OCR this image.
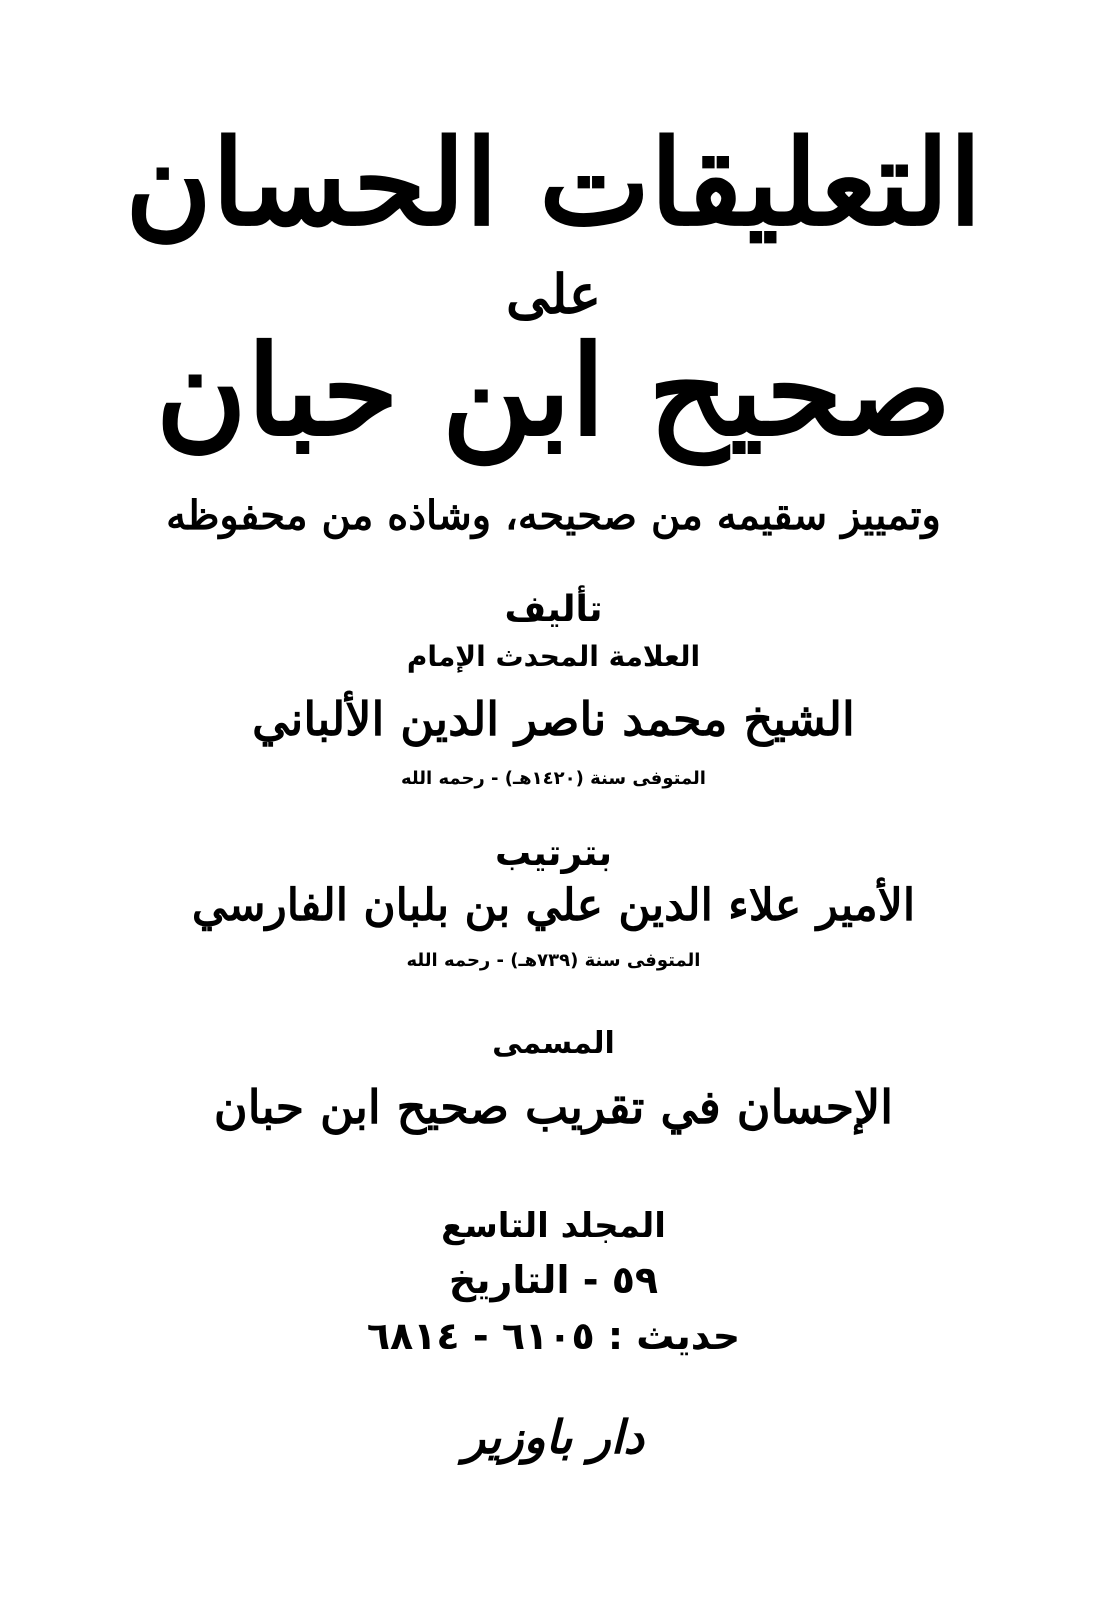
التعليقات الحسان
على
صحيح ابن حبان
وتمييز سقيمه من صحيحه، وشاذه من محفوظه
تأليف
العلامة المحدث الإمام
الشيخ محمد ناصر الدين الألباني
المتوفى سنة (١٤٢٠هـ) - رحمه الله
بترتيب
الأمير علاء الدين علي بن بلبان الفارسي
المتوفى سنة (٧٣٩هـ) - رحمه الله
المسمى
الإحسان في تقريب صحيح ابن حبان
المجلد التاسع
٥٩ - التاريخ
حديث : ٦١٠٥ - ٦٨١٤
دار باوزير
